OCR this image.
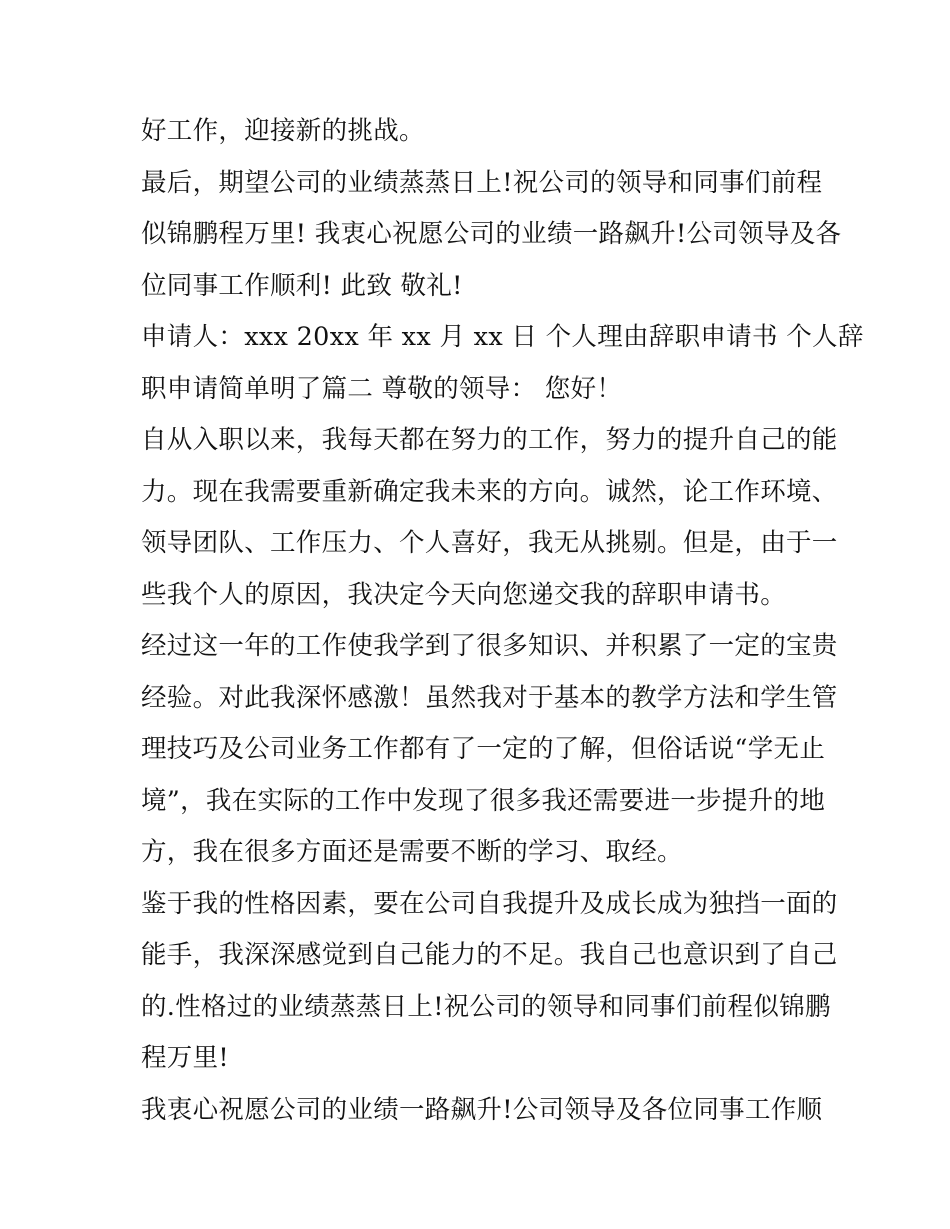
好工作，迎接新的挑战。
最后，期望公司的业绩蒸蒸日上!祝公司的领导和同事们前程
似锦鹏程万里! 我衷心祝愿公司的业绩一路飙升!公司领导及各
位同事工作顺利! 此致 敬礼!
申请人：xxx 20xx 年 xx 月 xx 日 个人理由辞职申请书 个人辞
职申请简单明了篇二 尊敬的领导： 您好！
自从入职以来，我每天都在努力的工作，努力的提升自己的能
力。现在我需要重新确定我未来的方向。诚然，论工作环境、
领导团队、工作压力、个人喜好，我无从挑剔。但是，由于一
些我个人的原因，我决定今天向您递交我的辞职申请书。
经过这一年的工作使我学到了很多知识、并积累了一定的宝贵
经验。对此我深怀感激！虽然我对于基本的教学方法和学生管
理技巧及公司业务工作都有了一定的了解，但俗话说“学无止
境”，我在实际的工作中发现了很多我还需要进一步提升的地
方，我在很多方面还是需要不断的学习、取经。
鉴于我的性格因素，要在公司自我提升及成长成为独挡一面的
能手，我深深感觉到自己能力的不足。我自己也意识到了自己
的.性格过的业绩蒸蒸日上!祝公司的领导和同事们前程似锦鹏
程万里!
我衷心祝愿公司的业绩一路飙升!公司领导及各位同事工作顺
